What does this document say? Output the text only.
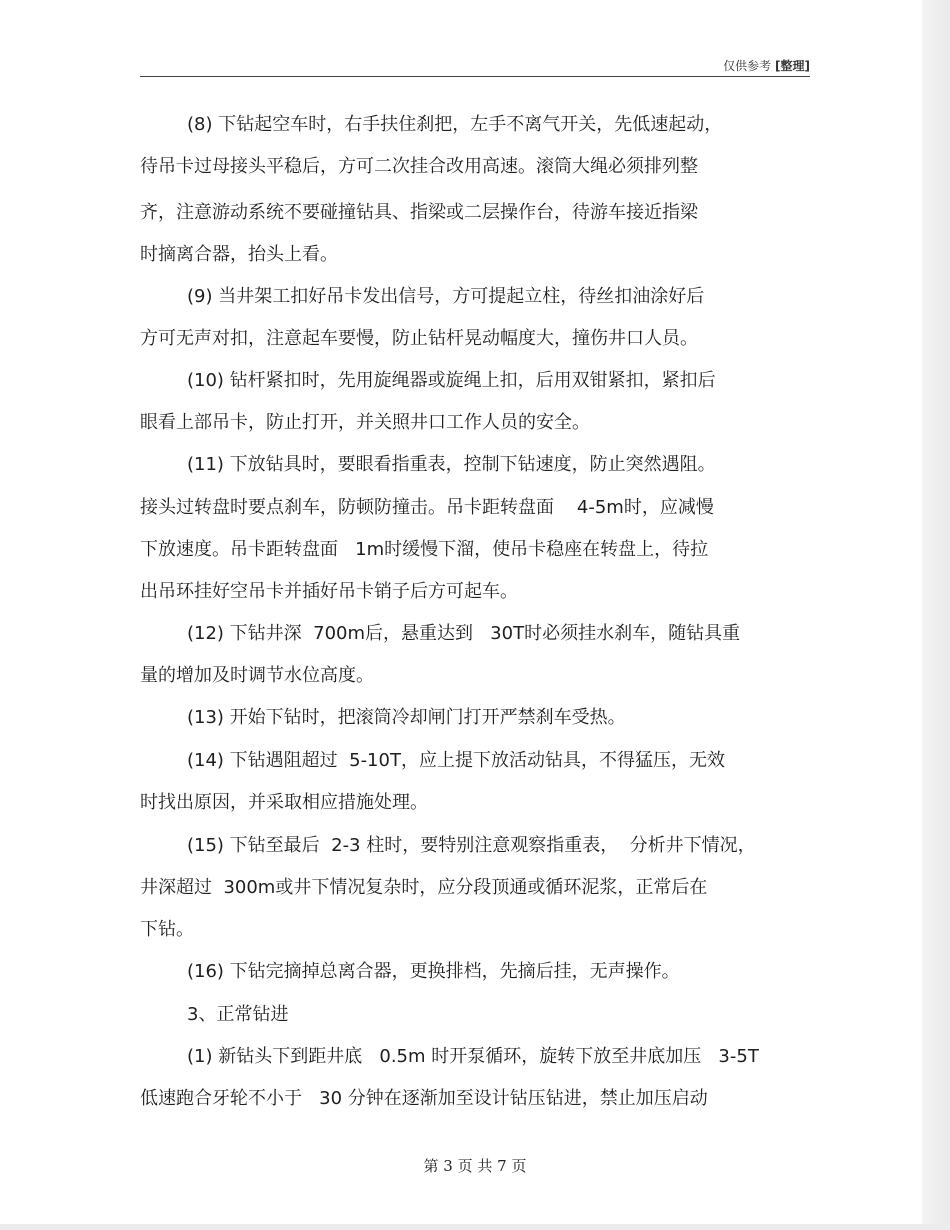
仅供参考 [整理]
(8) 下钻起空车时，右手扶住刹把，左手不离气开关，先低速起动，
待吊卡过母接头平稳后，方可二次挂合改用高速。滚筒大绳必须排列整
齐，注意游动系统不要碰撞钻具、指梁或二层操作台，待游车接近指梁
时摘离合器，抬头上看。
(9) 当井架工扣好吊卡发出信号，方可提起立柱，待丝扣油涂好后
方可无声对扣，注意起车要慢，防止钻杆晃动幅度大，撞伤井口人员。
(10) 钻杆紧扣时，先用旋绳器或旋绳上扣，后用双钳紧扣，紧扣后
眼看上部吊卡，防止打开，并关照井口工作人员的安全。
(11) 下放钻具时，要眼看指重表，控制下钻速度，防止突然遇阻。
接头过转盘时要点刹车，防顿防撞击。吊卡距转盘面    4-5m时，应减慢
下放速度。吊卡距转盘面   1m时缓慢下溜，使吊卡稳座在转盘上，待拉
出吊环挂好空吊卡并插好吊卡销子后方可起车。
(12) 下钻井深  700m后，悬重达到   30T时必须挂水刹车，随钻具重
量的增加及时调节水位高度。
(13) 开始下钻时，把滚筒冷却闸门打开严禁刹车受热。
(14) 下钻遇阻超过  5-10T，应上提下放活动钻具，不得猛压，无效
时找出原因，并采取相应措施处理。
(15) 下钻至最后  2-3 柱时，要特别注意观察指重表，  分析井下情况，
井深超过  300m或井下情况复杂时，应分段顶通或循环泥浆，正常后在
下钻。
(16) 下钻完摘掉总离合器，更换排档，先摘后挂，无声操作。
3、正常钻进
(1) 新钻头下到距井底   0.5m 时开泵循环，旋转下放至井底加压   3-5T
低速跑合牙轮不小于   30 分钟在逐渐加至设计钻压钻进，禁止加压启动
第 3 页 共 7 页
